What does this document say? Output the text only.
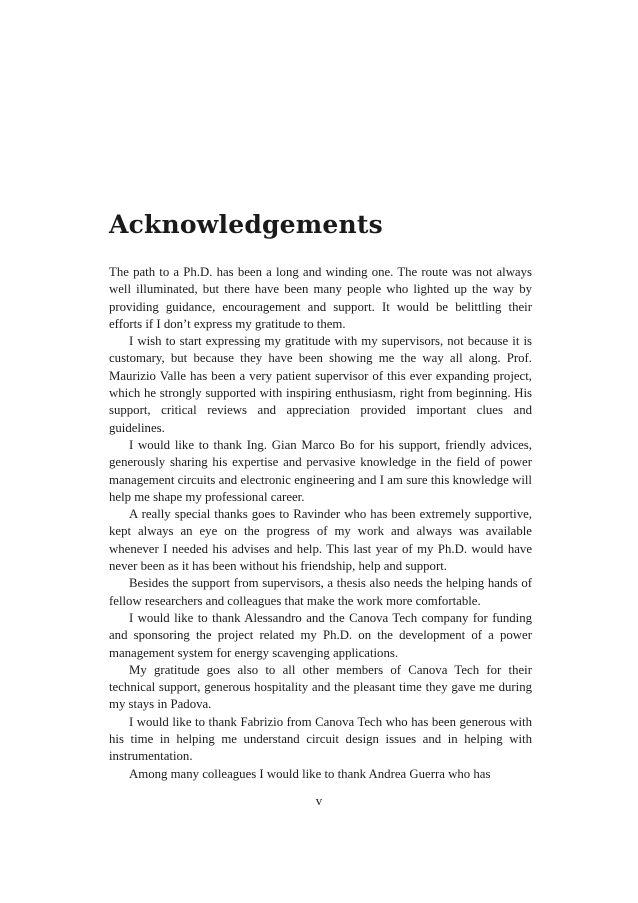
Acknowledgements

The path to a Ph.D. has been a long and winding one. The route was not always well illuminated, but there have been many people who lighted up the way by providing guidance, encouragement and support. It would be belittling their efforts if I don’t express my gratitude to them.

I wish to start expressing my gratitude with my supervisors, not because it is customary, but because they have been showing me the way all along. Prof. Maurizio Valle has been a very patient supervisor of this ever expanding project, which he strongly supported with inspiring enthusiasm, right from beginning. His support, critical reviews and appreciation provided important clues and guidelines.

I would like to thank Ing. Gian Marco Bo for his support, friendly advices, generously sharing his expertise and pervasive knowledge in the field of power management circuits and electronic engineering and I am sure this knowledge will help me shape my professional career.

A really special thanks goes to Ravinder who has been extremely supportive, kept always an eye on the progress of my work and always was available whenever I needed his advises and help. This last year of my Ph.D. would have never been as it has been without his friendship, help and support.

Besides the support from supervisors, a thesis also needs the helping hands of fellow researchers and colleagues that make the work more comfortable.

I would like to thank Alessandro and the Canova Tech company for funding and sponsoring the project related my Ph.D. on the development of a power management system for energy scavenging applications.

My gratitude goes also to all other members of Canova Tech for their technical support, generous hospitality and the pleasant time they gave me during my stays in Padova.

I would like to thank Fabrizio from Canova Tech who has been generous with his time in helping me understand circuit design issues and in helping with instrumentation.

Among many colleagues I would like to thank Andrea Guerra who has

v
